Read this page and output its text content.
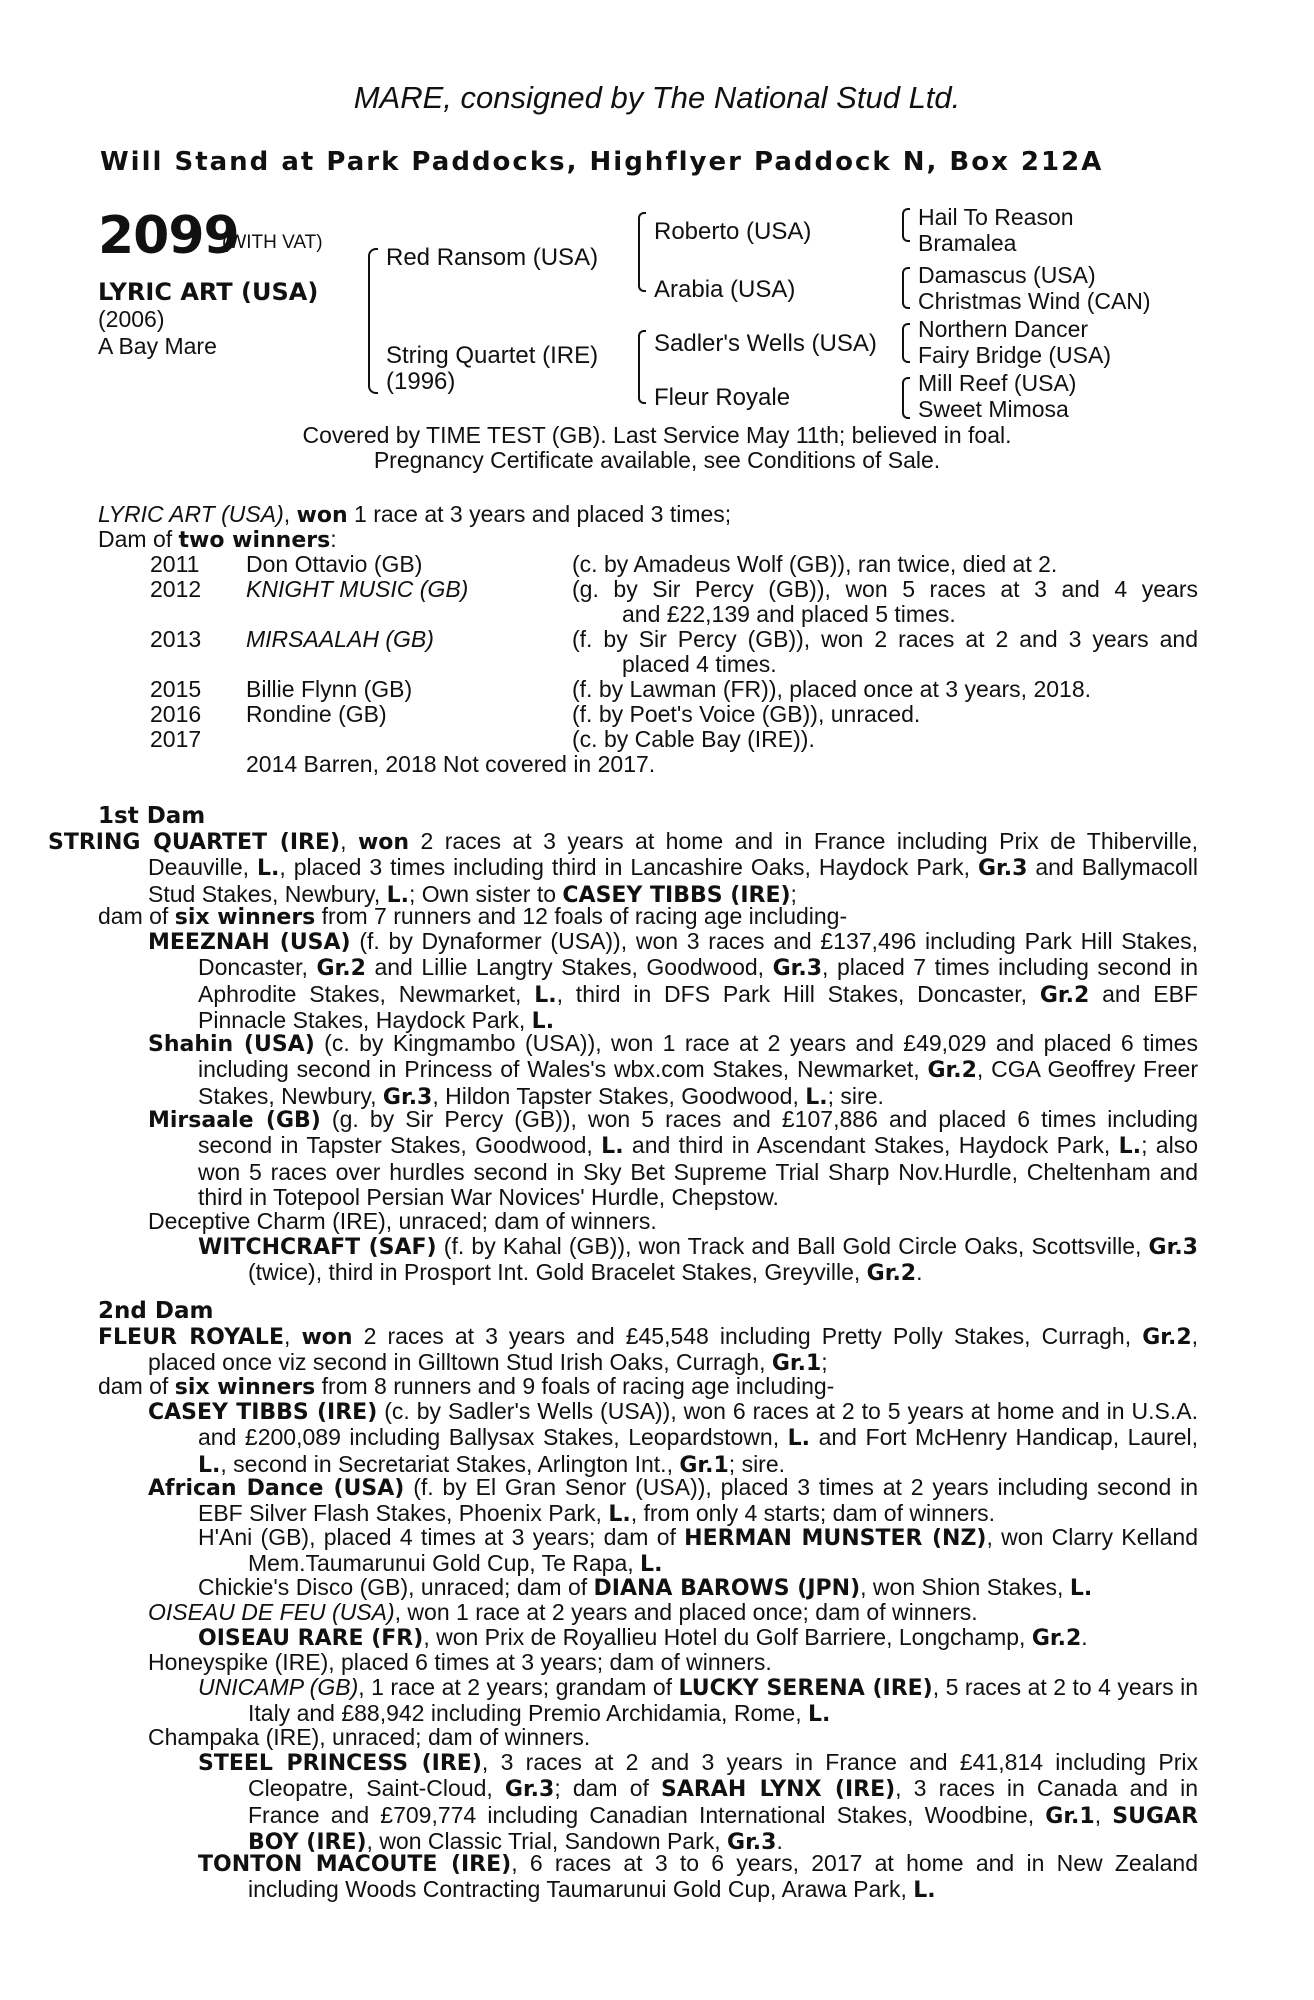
MARE, consigned by The National Stud Ltd.
Will Stand at Park Paddocks, Highflyer Paddock N, Box 212A
2099
(WITH VAT)
LYRIC ART (USA)
(2006)
A Bay Mare
Red Ransom (USA)
String Quartet (IRE)
(1996)
Roberto (USA)
Arabia (USA)
Sadler's Wells (USA)
Fleur Royale
Hail To Reason
Bramalea
Damascus (USA)
Christmas Wind (CAN)
Northern Dancer
Fairy Bridge (USA)
Mill Reef (USA)
Sweet Mimosa
Covered by TIME TEST (GB). Last Service May 11th; believed in foal.
Pregnancy Certificate available, see Conditions of Sale.
LYRIC ART (USA), won 1 race at 3 years and placed 3 times;
Dam of two winners:
2011 Don Ottavio (GB)	(c. by Amadeus Wolf (GB)), ran twice, died at 2.
2012 KNIGHT MUSIC (GB)	(g. by Sir Percy (GB)), won 5 races at 3 and 4 years
and £22,139 and placed 5 times.
2013 MIRSAALAH (GB)	(f. by Sir Percy (GB)), won 2 races at 2 and 3 years and
placed 4 times.
2015 Billie Flynn (GB)	(f. by Lawman (FR)), placed once at 3 years, 2018.
2016 Rondine (GB)	(f. by Poet's Voice (GB)), unraced.
2017	(c. by Cable Bay (IRE)).
2014 Barren, 2018 Not covered in 2017.
1st Dam
STRING QUARTET (IRE), won 2 races at 3 years at home and in France including Prix de Thiberville, Deauville, L., placed 3 times including third in Lancashire Oaks, Haydock Park, Gr.3 and Ballymacoll Stud Stakes, Newbury, L.; Own sister to CASEY TIBBS (IRE);
dam of six winners from 7 runners and 12 foals of racing age including-
MEEZNAH (USA) (f. by Dynaformer (USA)), won 3 races and £137,496 including Park Hill Stakes, Doncaster, Gr.2 and Lillie Langtry Stakes, Goodwood, Gr.3, placed 7 times including second in Aphrodite Stakes, Newmarket, L., third in DFS Park Hill Stakes, Doncaster, Gr.2 and EBF Pinnacle Stakes, Haydock Park, L.
Shahin (USA) (c. by Kingmambo (USA)), won 1 race at 2 years and £49,029 and placed 6 times including second in Princess of Wales's wbx.com Stakes, Newmarket, Gr.2, CGA Geoffrey Freer Stakes, Newbury, Gr.3, Hildon Tapster Stakes, Goodwood, L.; sire.
Mirsaale (GB) (g. by Sir Percy (GB)), won 5 races and £107,886 and placed 6 times including second in Tapster Stakes, Goodwood, L. and third in Ascendant Stakes, Haydock Park, L.; also won 5 races over hurdles second in Sky Bet Supreme Trial Sharp Nov.Hurdle, Cheltenham and third in Totepool Persian War Novices' Hurdle, Chepstow.
Deceptive Charm (IRE), unraced; dam of winners.
WITCHCRAFT (SAF) (f. by Kahal (GB)), won Track and Ball Gold Circle Oaks, Scottsville, Gr.3 (twice), third in Prosport Int. Gold Bracelet Stakes, Greyville, Gr.2.
2nd Dam
FLEUR ROYALE, won 2 races at 3 years and £45,548 including Pretty Polly Stakes, Curragh, Gr.2, placed once viz second in Gilltown Stud Irish Oaks, Curragh, Gr.1;
dam of six winners from 8 runners and 9 foals of racing age including-
CASEY TIBBS (IRE) (c. by Sadler's Wells (USA)), won 6 races at 2 to 5 years at home and in U.S.A. and £200,089 including Ballysax Stakes, Leopardstown, L. and Fort McHenry Handicap, Laurel, L., second in Secretariat Stakes, Arlington Int., Gr.1; sire.
African Dance (USA) (f. by El Gran Senor (USA)), placed 3 times at 2 years including second in EBF Silver Flash Stakes, Phoenix Park, L., from only 4 starts; dam of winners.
H'Ani (GB), placed 4 times at 3 years; dam of HERMAN MUNSTER (NZ), won Clarry Kelland Mem.Taumarunui Gold Cup, Te Rapa, L.
Chickie's Disco (GB), unraced; dam of DIANA BAROWS (JPN), won Shion Stakes, L.
OISEAU DE FEU (USA), won 1 race at 2 years and placed once; dam of winners.
OISEAU RARE (FR), won Prix de Royallieu Hotel du Golf Barriere, Longchamp, Gr.2.
Honeyspike (IRE), placed 6 times at 3 years; dam of winners.
UNICAMP (GB), 1 race at 2 years; grandam of LUCKY SERENA (IRE), 5 races at 2 to 4 years in Italy and £88,942 including Premio Archidamia, Rome, L.
Champaka (IRE), unraced; dam of winners.
STEEL PRINCESS (IRE), 3 races at 2 and 3 years in France and £41,814 including Prix Cleopatre, Saint-Cloud, Gr.3; dam of SARAH LYNX (IRE), 3 races in Canada and in France and £709,774 including Canadian International Stakes, Woodbine, Gr.1, SUGAR BOY (IRE), won Classic Trial, Sandown Park, Gr.3.
TONTON MACOUTE (IRE), 6 races at 3 to 6 years, 2017 at home and in New Zealand including Woods Contracting Taumarunui Gold Cup, Arawa Park, L.
